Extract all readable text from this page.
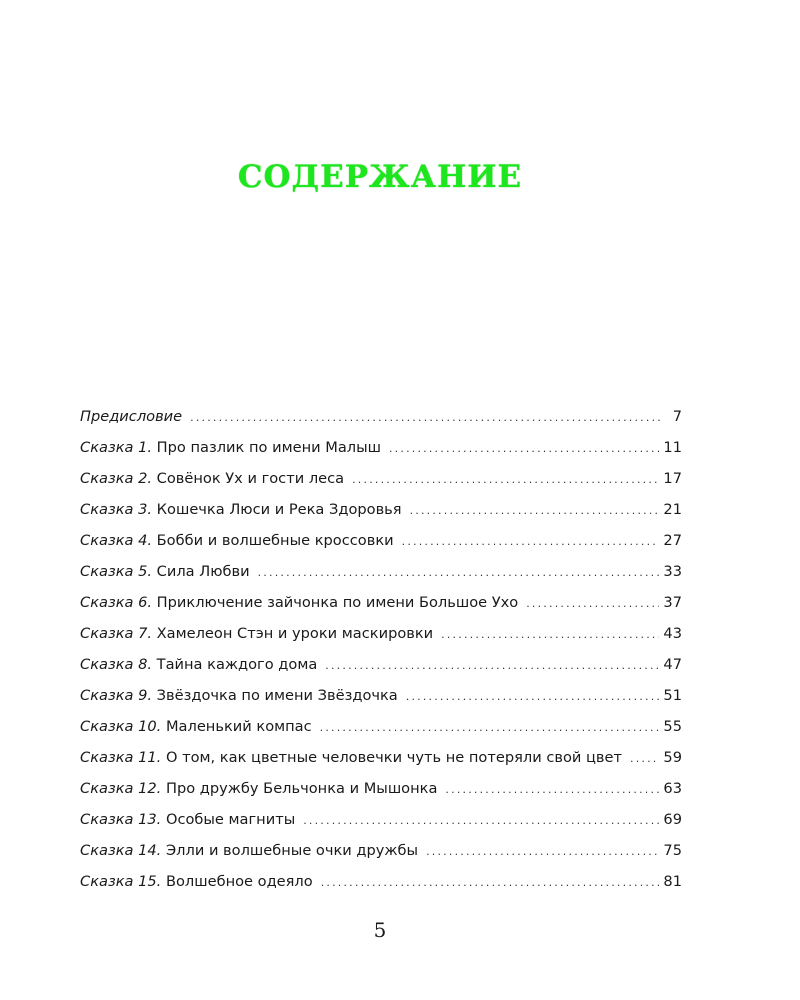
СОДЕРЖАНИЕ
Предисловие .....	7
Сказка 1. Про пазлик по имени Малыш .....	11
Сказка 2. Совёнок Ух и гости леса .....	17
Сказка 3. Кошечка Люси и Река Здоровья .....	21
Сказка 4. Бобби и волшебные кроссовки .....	27
Сказка 5. Сила Любви .....	33
Сказка 6. Приключение зайчонка по имени Большое Ухо .....	37
Сказка 7. Хамелеон Стэн и уроки маскировки .....	43
Сказка 8. Тайна каждого дома .....	47
Сказка 9. Звёздочка по имени Звёздочка .....	51
Сказка 10. Маленький компас .....	55
Сказка 11. О том, как цветные человечки чуть не потеряли свой цвет .....	59
Сказка 12. Про дружбу Бельчонка и Мышонка .....	63
Сказка 13. Особые магниты .....	69
Сказка 14. Элли и волшебные очки дружбы .....	75
Сказка 15. Волшебное одеяло .....	81
5
